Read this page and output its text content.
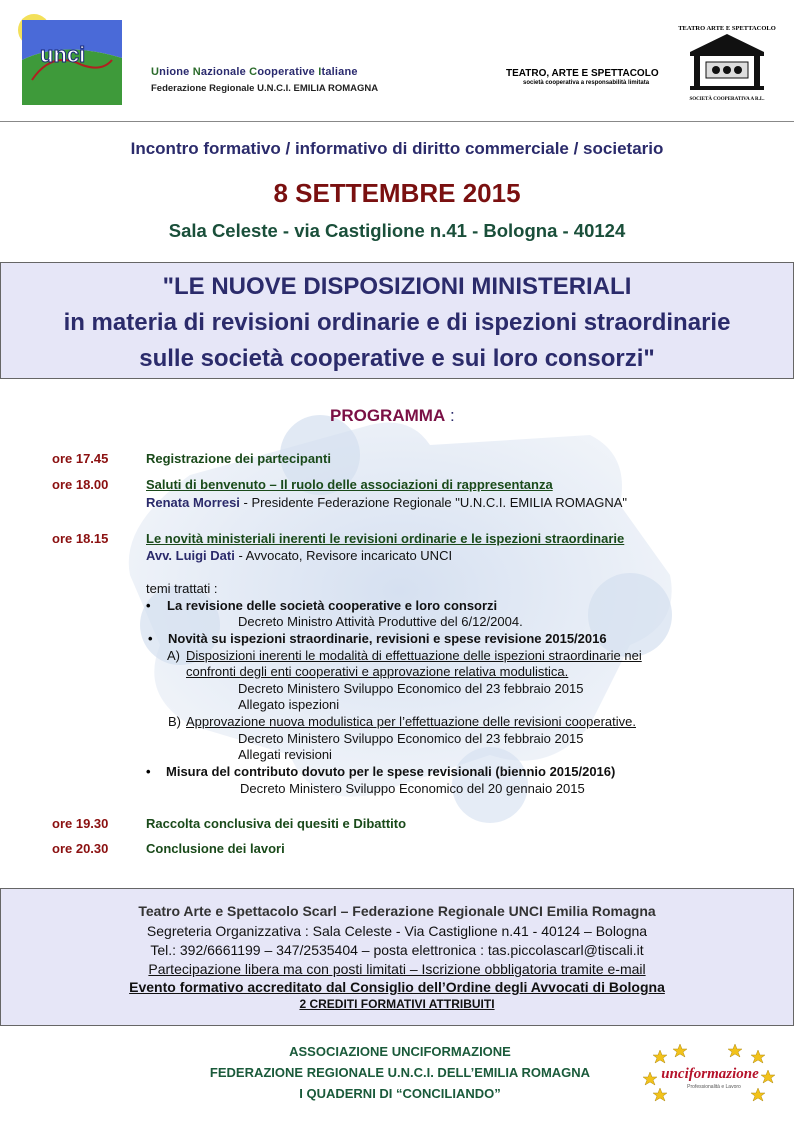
unci
Unione Nazionale Cooperative Italiane
Federazione Regionale U.N.C.I. EMILIA ROMAGNA
TEATRO, ARTE E SPETTACOLO
società cooperativa a responsabilità limitata
TEATRO ARTE E SPETTACOLO
SOCIETÀ COOPERATIVA A R.L.
Incontro formativo / informativo di diritto commerciale / societario
8 SETTEMBRE 2015
Sala Celeste - via Castiglione n.41 - Bologna - 40124
"LE NUOVE DISPOSIZIONI MINISTERIALI
in materia di revisioni ordinarie e di ispezioni straordinarie
sulle società cooperative e sui loro consorzi"
PROGRAMMA :
ore 17.45	Registrazione dei partecipanti
ore 18.00	Saluti di benvenuto – Il ruolo delle associazioni di rappresentanza
Renata Morresi - Presidente Federazione Regionale "U.N.C.I. EMILIA ROMAGNA"
ore 18.15	Le novità ministeriali inerenti le revisioni ordinarie e le ispezioni straordinarie
Avv. Luigi Dati - Avvocato, Revisore incaricato UNCI
temi trattati :
• La revisione delle società cooperative e loro consorzi
Decreto Ministro Attività Produttive del 6/12/2004.
• Novità su ispezioni straordinarie, revisioni e spese revisione 2015/2016
A) Disposizioni inerenti le modalità di effettuazione delle ispezioni straordinarie nei
confronti degli enti cooperativi e approvazione relativa modulistica.
Decreto Ministero Sviluppo Economico del 23 febbraio 2015
Allegato ispezioni
B) Approvazione nuova modulistica per l’effettuazione delle revisioni cooperative.
Decreto Ministero Sviluppo Economico del 23 febbraio 2015
Allegati revisioni
• Misura del contributo dovuto per le spese revisionali (biennio 2015/2016)
Decreto Ministero Sviluppo Economico del 20 gennaio 2015
ore 19.30	Raccolta conclusiva dei quesiti e Dibattito
ore 20.30	Conclusione dei lavori
Teatro Arte e Spettacolo Scarl – Federazione Regionale UNCI Emilia Romagna
Segreteria Organizzativa : Sala Celeste - Via Castiglione n.41 - 40124 – Bologna
Tel.: 392/6661199 – 347/2535404 – posta elettronica : tas.piccolascarl@tiscali.it
Partecipazione libera ma con posti limitati – Iscrizione obbligatoria tramite e-mail
Evento formativo accreditato dal Consiglio dell’Ordine degli Avvocati di Bologna
2 CREDITI FORMATIVI ATTRIBUITI
ASSOCIAZIONE UNCIFORMAZIONE
FEDERAZIONE REGIONALE U.N.C.I. DELL’EMILIA ROMAGNA
I QUADERNI DI “CONCILIANDO”
unciformazione
Professionalità e Lavoro
